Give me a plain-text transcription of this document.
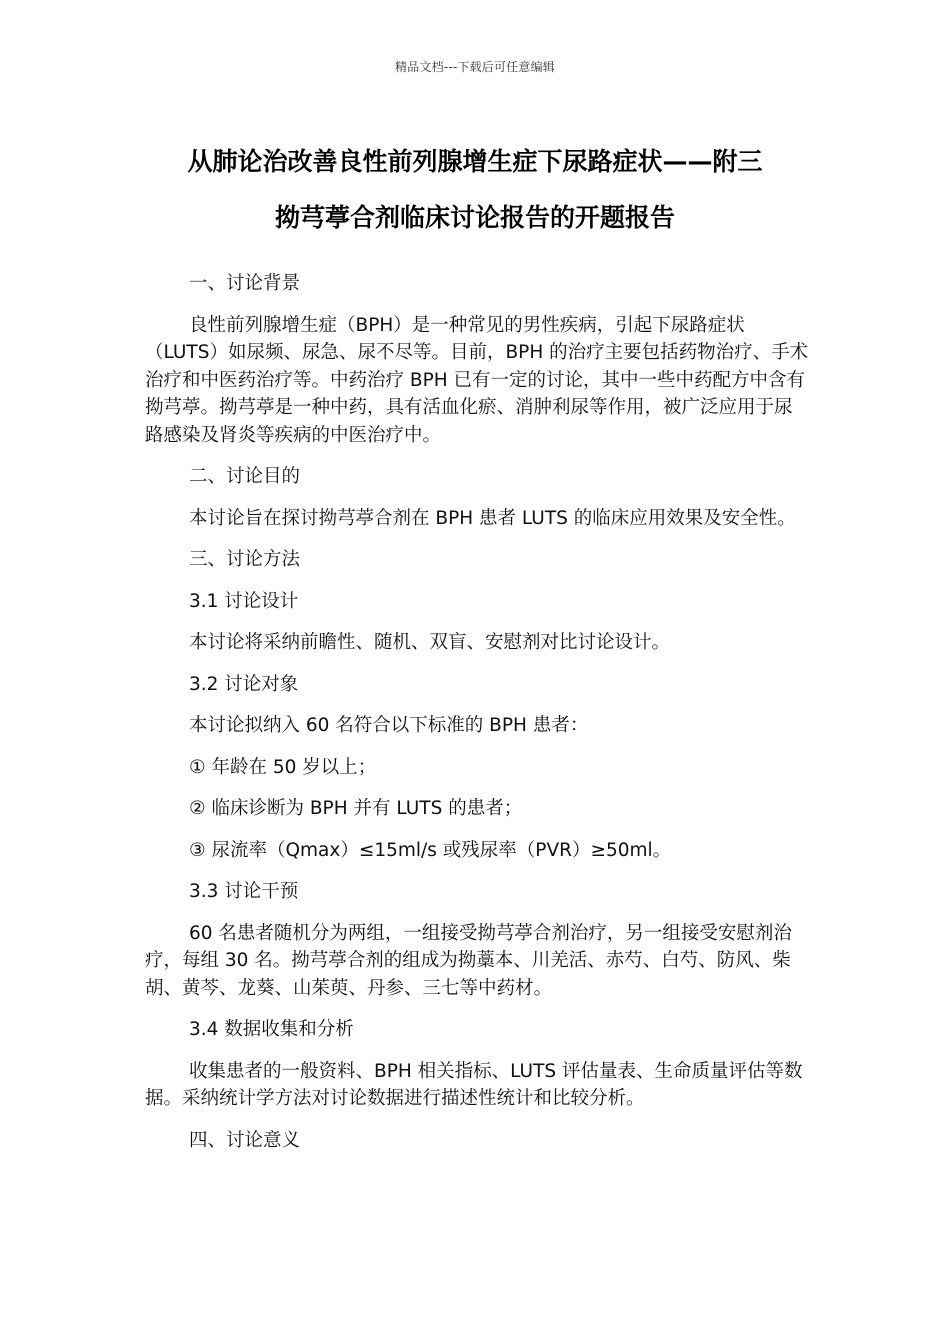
精品文档---下载后可任意编辑
从肺论治改善良性前列腺增生症下尿路症状——附三
拗芎葶合剂临床讨论报告的开题报告

一、讨论背景

良性前列腺增生症（BPH）是一种常见的男性疾病，引起下尿路症状（LUTS）如尿频、尿急、尿不尽等。目前，BPH 的治疗主要包括药物治疗、手术治疗和中医药治疗等。中药治疗 BPH 已有一定的讨论，其中一些中药配方中含有拗芎葶。拗芎葶是一种中药，具有活血化瘀、消肿利尿等作用，被广泛应用于尿路感染及肾炎等疾病的中医治疗中。

二、讨论目的

本讨论旨在探讨拗芎葶合剂在 BPH 患者 LUTS 的临床应用效果及安全性。

三、讨论方法

3.1 讨论设计

本讨论将采纳前瞻性、随机、双盲、安慰剂对比讨论设计。

3.2 讨论对象

本讨论拟纳入 60 名符合以下标准的 BPH 患者：

① 年龄在 50 岁以上；

② 临床诊断为 BPH 并有 LUTS 的患者；

③ 尿流率（Qmax）≤15ml/s 或残尿率（PVR）≥50ml。

3.3 讨论干预

60 名患者随机分为两组，一组接受拗芎葶合剂治疗，另一组接受安慰剂治疗，每组 30 名。拗芎葶合剂的组成为拗藁本、川羌活、赤芍、白芍、防风、柴胡、黄芩、龙葵、山茱萸、丹参、三七等中药材。

3.4 数据收集和分析

收集患者的一般资料、BPH 相关指标、LUTS 评估量表、生命质量评估等数据。采纳统计学方法对讨论数据进行描述性统计和比较分析。

四、讨论意义
